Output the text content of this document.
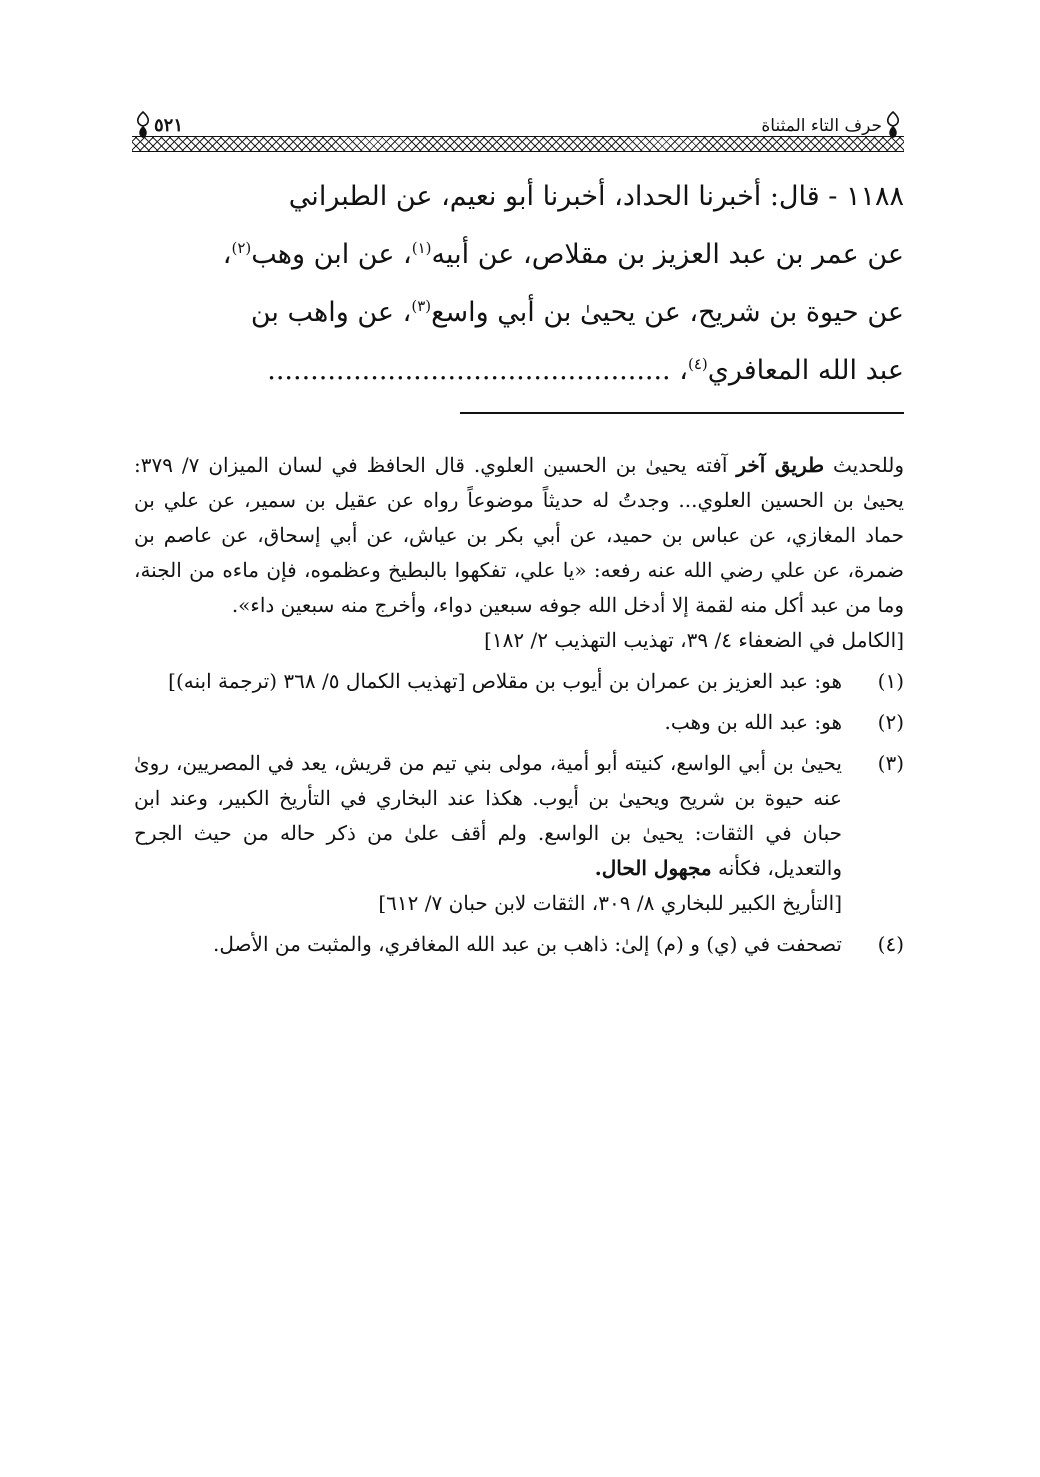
حرف التاء المثناة
٥٢١

١١٨٨ - قال: أخبرنا الحداد، أخبرنا أبو نعيم، عن الطبراني

عن عمر بن عبد العزيز بن مقلاص، عن أبيه$^{(١)}$، عن ابن وهب$^{(٢)}$،

عن حيوة بن شريح، عن يحيىٰ بن أبي واسع$^{(٣)}$، عن واهب بن

عبد الله المعافري$^{(٤)}$، ...............................................

وللحديث طريق آخر آفته يحيىٰ بن الحسين العلوي. قال الحافظ في لسان الميزان ٧/ ٣٧٩: يحيىٰ بن الحسين العلوي... وجدتُ له حديثاً موضوعاً رواه عن عقيل بن سمير، عن علي بن حماد المغازي، عن عباس بن حميد، عن أبي بكر بن عياش، عن أبي إسحاق، عن عاصم بن ضمرة، عن علي رضي الله عنه رفعه: «يا علي، تفكهوا بالبطيخ وعظموه، فإن ماءه من الجنة، وما من عبد أكل منه لقمة إلا أدخل الله جوفه سبعين دواء، وأخرج منه سبعين داء».
[الكامل في الضعفاء ٤/ ٣٩، تهذيب التهذيب ٢/ ١٨٢]

(١)
هو: عبد العزيز بن عمران بن أيوب بن مقلاص [تهذيب الكمال ٥/ ٣٦٨ (ترجمة ابنه)]

(٢)
هو: عبد الله بن وهب.

(٣)
يحيىٰ بن أبي الواسع، كنيته أبو أمية، مولى بني تيم من قريش، يعد في المصريين، روىٰ عنه حيوة بن شريح ويحيىٰ بن أيوب. هكذا عند البخاري في التأريخ الكبير، وعند ابن حبان في الثقات: يحيىٰ بن الواسع. ولم أقف علىٰ من ذكر حاله من حيث الجرح والتعديل، فكأنه مجهول الحال.
[التأريخ الكبير للبخاري ٨/ ٣٠٩، الثقات لابن حبان ٧/ ٦١٢]

(٤)
تصحفت في (ي) و (م) إلىٰ: ذاهب بن عبد الله المغافري، والمثبت من الأصل.
